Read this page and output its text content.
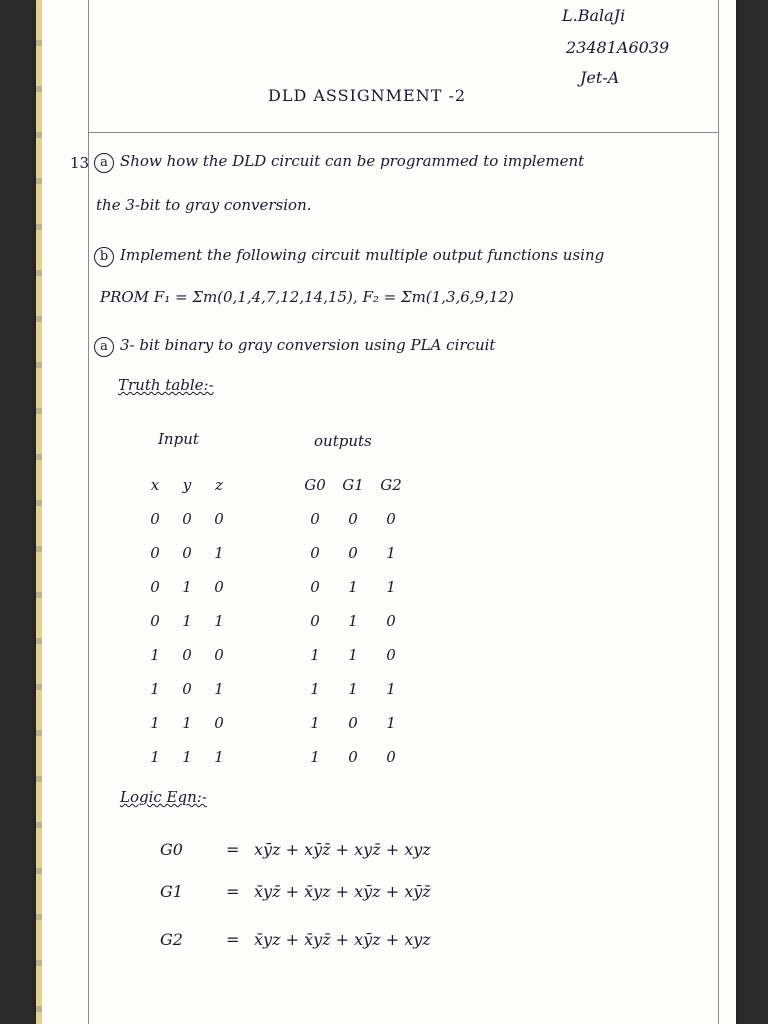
L.BalaJi
23481A6039
Jet-A
DLD ASSIGNMENT -2
13 a Show how the DLD circuit can be programmed to implement
the 3-bit to gray conversion.
b Implement the following circuit multiple output functions using
PROM F₁ = Σm(0,1,4,7,12,14,15), F₂ = Σm(1,3,6,9,12)
a 3- bit binary to gray conversion using PLA circuit
Truth table:-
Input	outputs
x	y	z	G0 G1 G2
0	0	0	0	0	0
0	0	1	0	0	1
0	1	0	0	1	1
0	1	1	0	1	0
1	0	0	1	1	0
1	0	1	1	1	1
1	1	0	1	0	1
1	1	1	1	0	0
Logic Eqn:-
G0	= xȳz + xȳz̄ + xyz̄ + xyz
G1	= x̄yz̄ + x̄yz + xȳz + xȳz̄
G2	= x̄yz + x̄yz̄ + xȳz + xyz
